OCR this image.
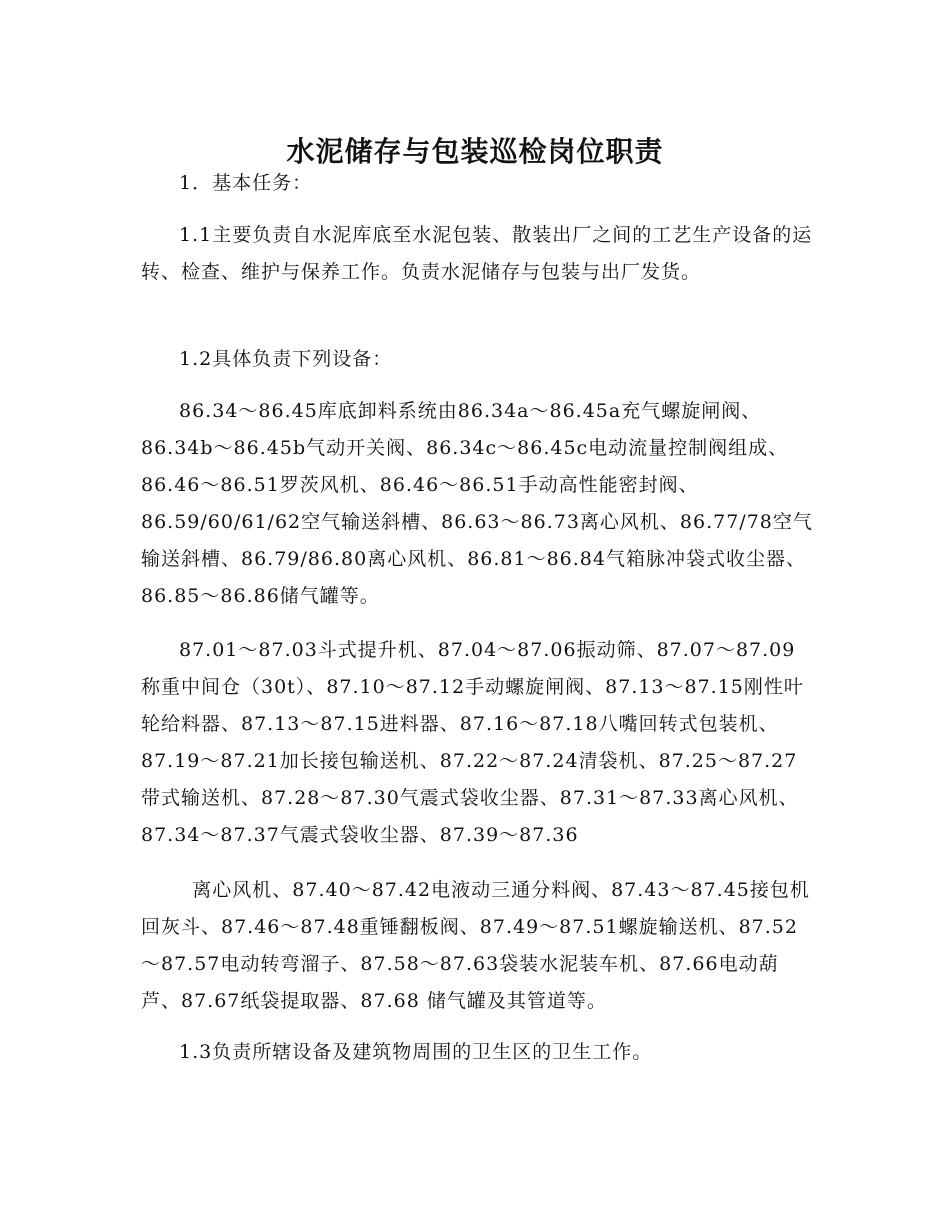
水泥储存与包装巡检岗位职责

1．基本任务：

1.1主要负责自水泥库底至水泥包装、散装出厂之间的工艺生产设备的运转、检查、维护与保养工作。负责水泥储存与包装与出厂发货。

1.2具体负责下列设备：

86.34～86.45库底卸料系统由86.34a～86.45a充气螺旋闸阀、86.34b～86.45b气动开关阀、86.34c～86.45c电动流量控制阀组成、86.46～86.51罗茨风机、86.46～86.51手动高性能密封阀、86.59/60/61/62空气输送斜槽、86.63～86.73离心风机、86.77/78空气输送斜槽、86.79/86.80离心风机、86.81～86.84气箱脉冲袋式收尘器、86.85～86.86储气罐等。

87.01～87.03斗式提升机、87.04～87.06振动筛、87.07～87.09称重中间仓（30t）、87.10～87.12手动螺旋闸阀、87.13～87.15刚性叶轮给料器、87.13～87.15进料器、87.16～87.18八嘴回转式包装机、87.19～87.21加长接包输送机、87.22～87.24清袋机、87.25～87.27带式输送机、87.28～87.30气震式袋收尘器、87.31～87.33离心风机、87.34～87.37气震式袋收尘器、87.39～87.36

离心风机、87.40～87.42电液动三通分料阀、87.43～87.45接包机回灰斗、87.46～87.48重锤翻板阀、87.49～87.51螺旋输送机、87.52～87.57电动转弯溜子、87.58～87.63袋装水泥装车机、87.66电动葫芦、87.67纸袋提取器、87.68 储气罐及其管道等。

1.3负责所辖设备及建筑物周围的卫生区的卫生工作。
